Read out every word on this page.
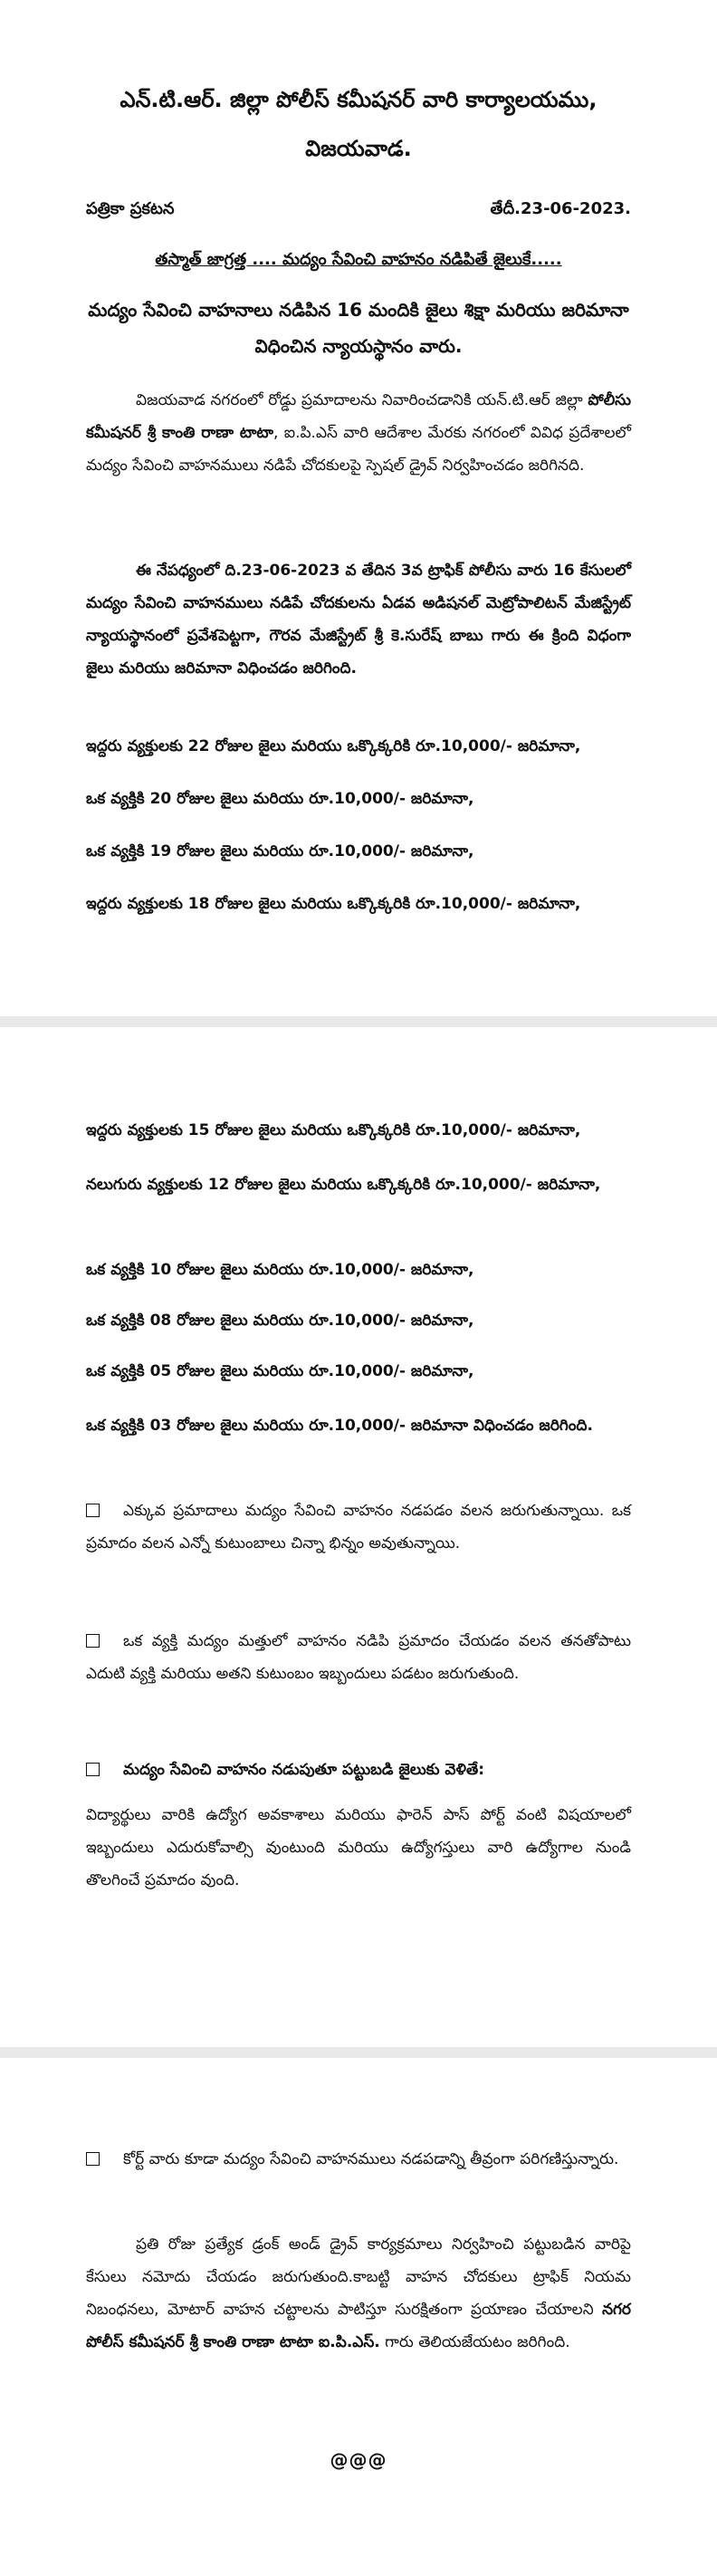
ఎన్.టి.ఆర్. జిల్లా పోలీస్ కమీషనర్ వారి కార్యాలయము,
విజయవాడ.
పత్రికా ప్రకటన	తేదీ.23-06-2023.
తస్మాత్ జాగ్రత్త .... మద్యం సేవించి వాహనం నడిపితే జైలుకే.....
మద్యం సేవించి వాహనాలు నడిపిన 16 మందికి జైలు శిక్షా మరియు జరిమానా విధించిన న్యాయస్థానం వారు.
విజయవాడ నగరంలో రోడ్డు ప్రమాదాలను నివారించడానికి యన్.టి.ఆర్ జిల్లా పోలీసు కమీషనర్ శ్రీ కాంతి రాణా టాటా, ఐ.పి.ఎస్ వారి ఆదేశాల మేరకు నగరంలో వివిధ ప్రదేశాలలో మద్యం సేవించి వాహనములు నడిపే చోదకులపై స్పెషల్ డ్రైవ్ నిర్వహించడం జరిగినది.
ఈ నేపధ్యంలో ది.23-06-2023 వ తేదిన 3వ ట్రాఫిక్ పోలీసు వారు 16 కేసులలో మద్యం సేవించి వాహనములు నడిపే చోదకులను ఏడవ అడిషనల్ మెట్రోపాలిటన్ మేజిస్ట్రేట్ న్యాయస్థానంలో ప్రవేశపెట్టగా, గౌరవ మేజిస్ట్రేట్ శ్రీ కె.సురేష్ బాబు గారు ఈ క్రింది విధంగా జైలు మరియు జరిమానా విధించడం జరిగింది.
ఇద్దరు వ్యక్తులకు 22 రోజుల జైలు మరియు ఒక్కొక్కరికి రూ.10,000/- జరిమానా,
ఒక వ్యక్తికి 20 రోజుల జైలు మరియు రూ.10,000/- జరిమానా,
ఒక వ్యక్తికి 19 రోజుల జైలు మరియు రూ.10,000/- జరిమానా,
ఇద్దరు వ్యక్తులకు 18 రోజుల జైలు మరియు ఒక్కొక్కరికి రూ.10,000/- జరిమానా,
ఇద్దరు వ్యక్తులకు 15 రోజుల జైలు మరియు ఒక్కొక్కరికి రూ.10,000/- జరిమానా,
నలుగురు వ్యక్తులకు 12 రోజుల జైలు మరియు ఒక్కొక్కరికి రూ.10,000/- జరిమానా,
ఒక వ్యక్తికి 10 రోజుల జైలు మరియు రూ.10,000/- జరిమానా,
ఒక వ్యక్తికి 08 రోజుల జైలు మరియు రూ.10,000/- జరిమానా,
ఒక వ్యక్తికి 05 రోజుల జైలు మరియు రూ.10,000/- జరిమానా,
ఒక వ్యక్తికి 03 రోజుల జైలు మరియు రూ.10,000/- జరిమానా విధించడం జరిగింది.
ఎక్కువ ప్రమాదాలు మద్యం సేవించి వాహనం నడపడం వలన జరుగుతున్నాయి. ఒక ప్రమాదం వలన ఎన్నో కుటుంబాలు చిన్నా భిన్నం అవుతున్నాయి.
ఒక వ్యక్తి మద్యం మత్తులో వాహనం నడిపి ప్రమాదం చేయడం వలన తనతోపాటు ఎదుటి వ్యక్తి మరియు అతని కుటుంబం ఇబ్బందులు పడటం జరుగుతుంది.
మద్యం సేవించి వాహనం నడుపుతూ పట్టుబడి జైలుకు వెళితే:
విద్యార్థులు వారికి ఉద్యోగ అవకాశాలు మరియు ఫారెన్ పాస్ పోర్ట్ వంటి విషయాలలో ఇబ్బందులు ఎదురుకోవాల్సి వుంటుంది మరియు ఉద్యోగస్తులు వారి ఉద్యోగాల నుండి తొలగించే ప్రమాదం వుంది.
కోర్ట్ వారు కూడా మద్యం సేవించి వాహనములు నడపడాన్ని తీవ్రంగా పరిగణిస్తున్నారు.
ప్రతి రోజు ప్రత్యేక డ్రంక్ అండ్ డ్రైవ్ కార్యక్రమాలు నిర్వహించి పట్టుబడిన వారిపై కేసులు నమోదు చేయడం జరుగుతుంది.కాబట్టి వాహన చోదకులు ట్రాఫిక్ నియమ నిబంధనలు, మోటార్ వాహన చట్టాలను పాటిస్తూ సురక్షితంగా ప్రయాణం చేయాలని నగర పోలీస్ కమీషనర్ శ్రీ కాంతి రాణా టాటా ఐ.పి.ఎస్. గారు తెలియజేయటం జరిగింది.
@@@
